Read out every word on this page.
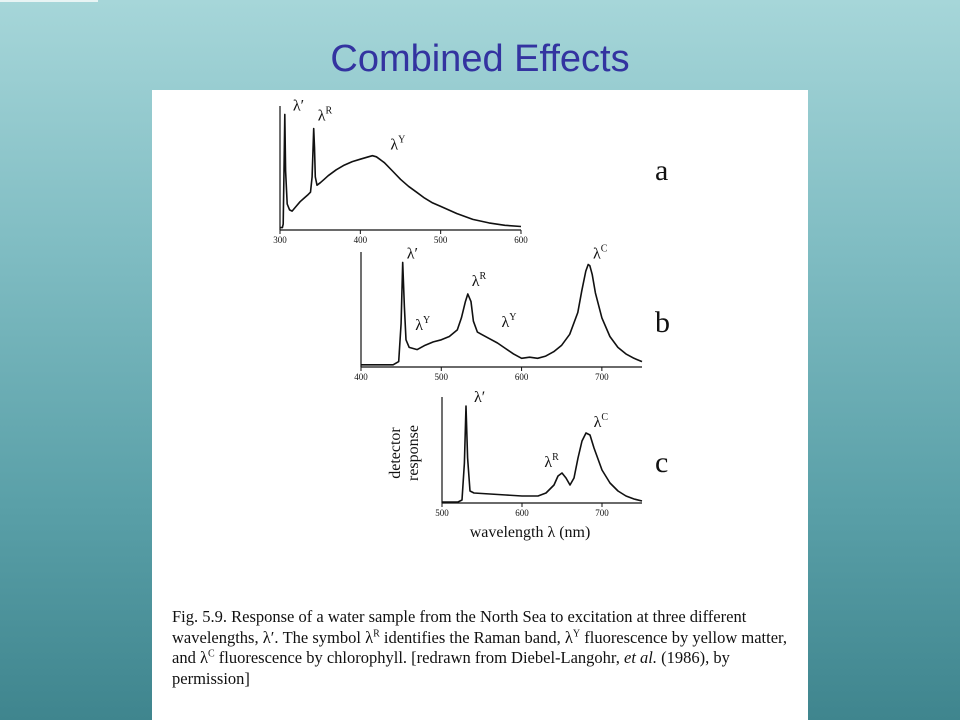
Combined Effects
300	400	500	600
λ′
$\lambda^R$
$\lambda^Y$
a
400	500	600	700
λ′
$\lambda^Y$
$\lambda^R$
$\lambda^Y$
$\lambda^C$
b
500	600	700
λ′
$\lambda^R$
$\lambda^C$
c
wavelength λ (nm)
detector response
Fig. 5.9. Response of a water sample from the North Sea to excitation at three different wavelengths, λ′. The symbol $\lambda^R$ identifies the Raman band, $\lambda^Y$ fluorescence by yellow matter, and $\lambda^C$ fluorescence by chlorophyll. [redrawn from Diebel-Langohr, et al. (1986), by permission]
